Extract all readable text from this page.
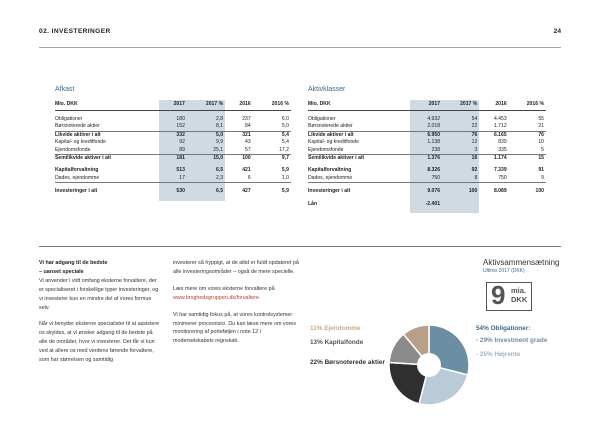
02. INVESTERINGER	24
Afkast
Mio. DKK	2017	2017 %	2016	2016 %

Obligationer	180	2,8	237	6,0
Børsnoterede aktier	152	8,1	84	5,0
Likvide aktiver i alt	332	5,0	321	5,4
Kapital- og kreditfonde	92	9,9	43	5,4
Ejendomsfonde	89	25,1	57	17,2
Semilikvide aktiver i alt	181	15,0	100	9,7

Kapitalforvaltning	513	6,5	421	5,9
Dades, ejendomme	17	2,3	6	1,0

Investeringer i alt	530	6,5	427	5,9

Aktivklasser
Mio. DKK	2017	2017 %	2016	2016 %

Obligationer	4.932	54	4.453	55
Børsnoterede aktier	2.018	22	1.712	21
Likvide aktiver i alt	6.950	76	6.165	76
Kapital- og kreditfonde	1.138	12	839	10
Ejendomsfonde	238	3	335	5
Semilikvide aktiver i alt	1.376	16	1.174	15

Kapitalforvaltning	8.326	92	7.339	91
Dades, ejendomme	750	8	750	9

Investeringer i alt	9.076	100	8.089	100

Lån	-2.401			

Vi har adgang til de bedste
– uanset speciale

Vi anvender i vidt omfang eksterne forvaltere, der er specialiseret i forskellige typer investeringer, og vi investerer kun en mindre del af vores formue selv.

Når vi benytter eksterne specialister til at assistere os skyldes, at vi ønsker adgang til de bedste på alle de områder, hvor vi investerer. Det får vi kun ved at allere os med verdens førende forvaltere, som har størrelsen og samtidig

investerer så hyppigt, at de altid er fuldt opdateret på alle investeringsområder – også de mere specielle.

Læs mere om vores eksterne forvaltere på www.brvghedsgruppen.dk/forvaltere.

Vi har samtidig fokus på, at vores kontrolsystemer minimerer procesrisici. Du kan læse mere om vores monitorering af porteføljen i note 12 i moderselskabets regnskab.

Aktivsammensætning
Ultimo 2017 (DKK)
9 mia.
DKK
11% Ejendomme
13% Kapitalfonde
22% Børsnoterede aktier
54% Obligationer:
- 29% Investment grade
- 25% Højrente
